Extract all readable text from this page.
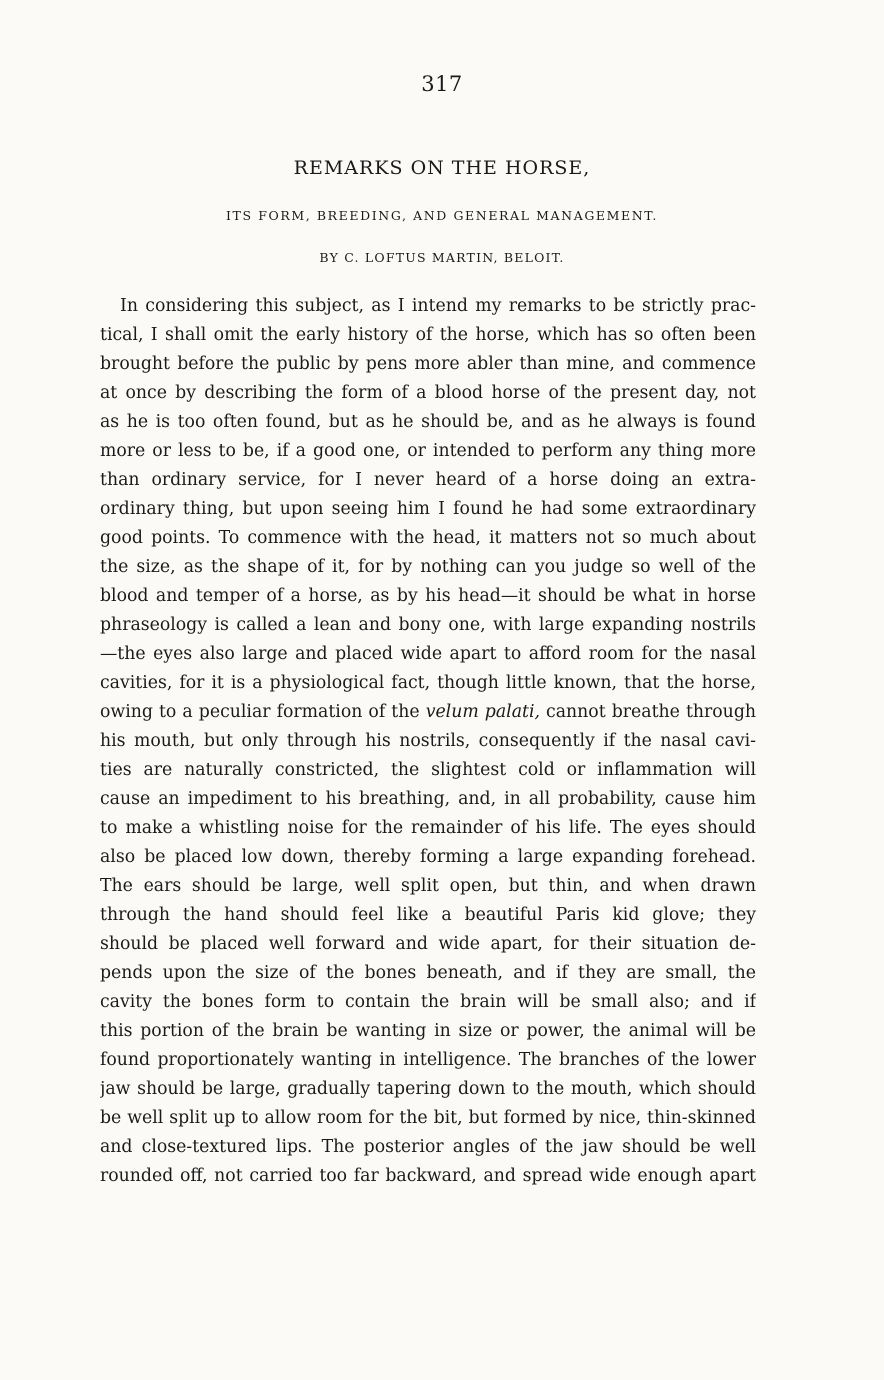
317
REMARKS ON THE HORSE,
ITS FORM, BREEDING, AND GENERAL MANAGEMENT.
BY C. LOFTUS MARTIN, BELOIT.
In considering this subject, as I intend my remarks to be strictly prac-
tical, I shall omit the early history of the horse, which has so often been
brought before the public by pens more abler than mine, and commence
at once by describing the form of a blood horse of the present day, not
as he is too often found, but as he should be, and as he always is found
more or less to be, if a good one, or intended to perform any thing more
than ordinary service, for I never heard of a horse doing an extra-
ordinary thing, but upon seeing him I found he had some extraordinary
good points. To commence with the head, it matters not so much about
the size, as the shape of it, for by nothing can you judge so well of the
blood and temper of a horse, as by his head—it should be what in horse
phraseology is called a lean and bony one, with large expanding nostrils
—the eyes also large and placed wide apart to afford room for the nasal
cavities, for it is a physiological fact, though little known, that the horse,
owing to a peculiar formation of the velum palati, cannot breathe through
his mouth, but only through his nostrils, consequently if the nasal cavi-
ties are naturally constricted, the slightest cold or inflammation will
cause an impediment to his breathing, and, in all probability, cause him
to make a whistling noise for the remainder of his life. The eyes should
also be placed low down, thereby forming a large expanding forehead.
The ears should be large, well split open, but thin, and when drawn
through the hand should feel like a beautiful Paris kid glove; they
should be placed well forward and wide apart, for their situation de-
pends upon the size of the bones beneath, and if they are small, the
cavity the bones form to contain the brain will be small also; and if
this portion of the brain be wanting in size or power, the animal will be
found proportionately wanting in intelligence. The branches of the lower
jaw should be large, gradually tapering down to the mouth, which should
be well split up to allow room for the bit, but formed by nice, thin-skinned
and close-textured lips. The posterior angles of the jaw should be well
rounded off, not carried too far backward, and spread wide enough apart
